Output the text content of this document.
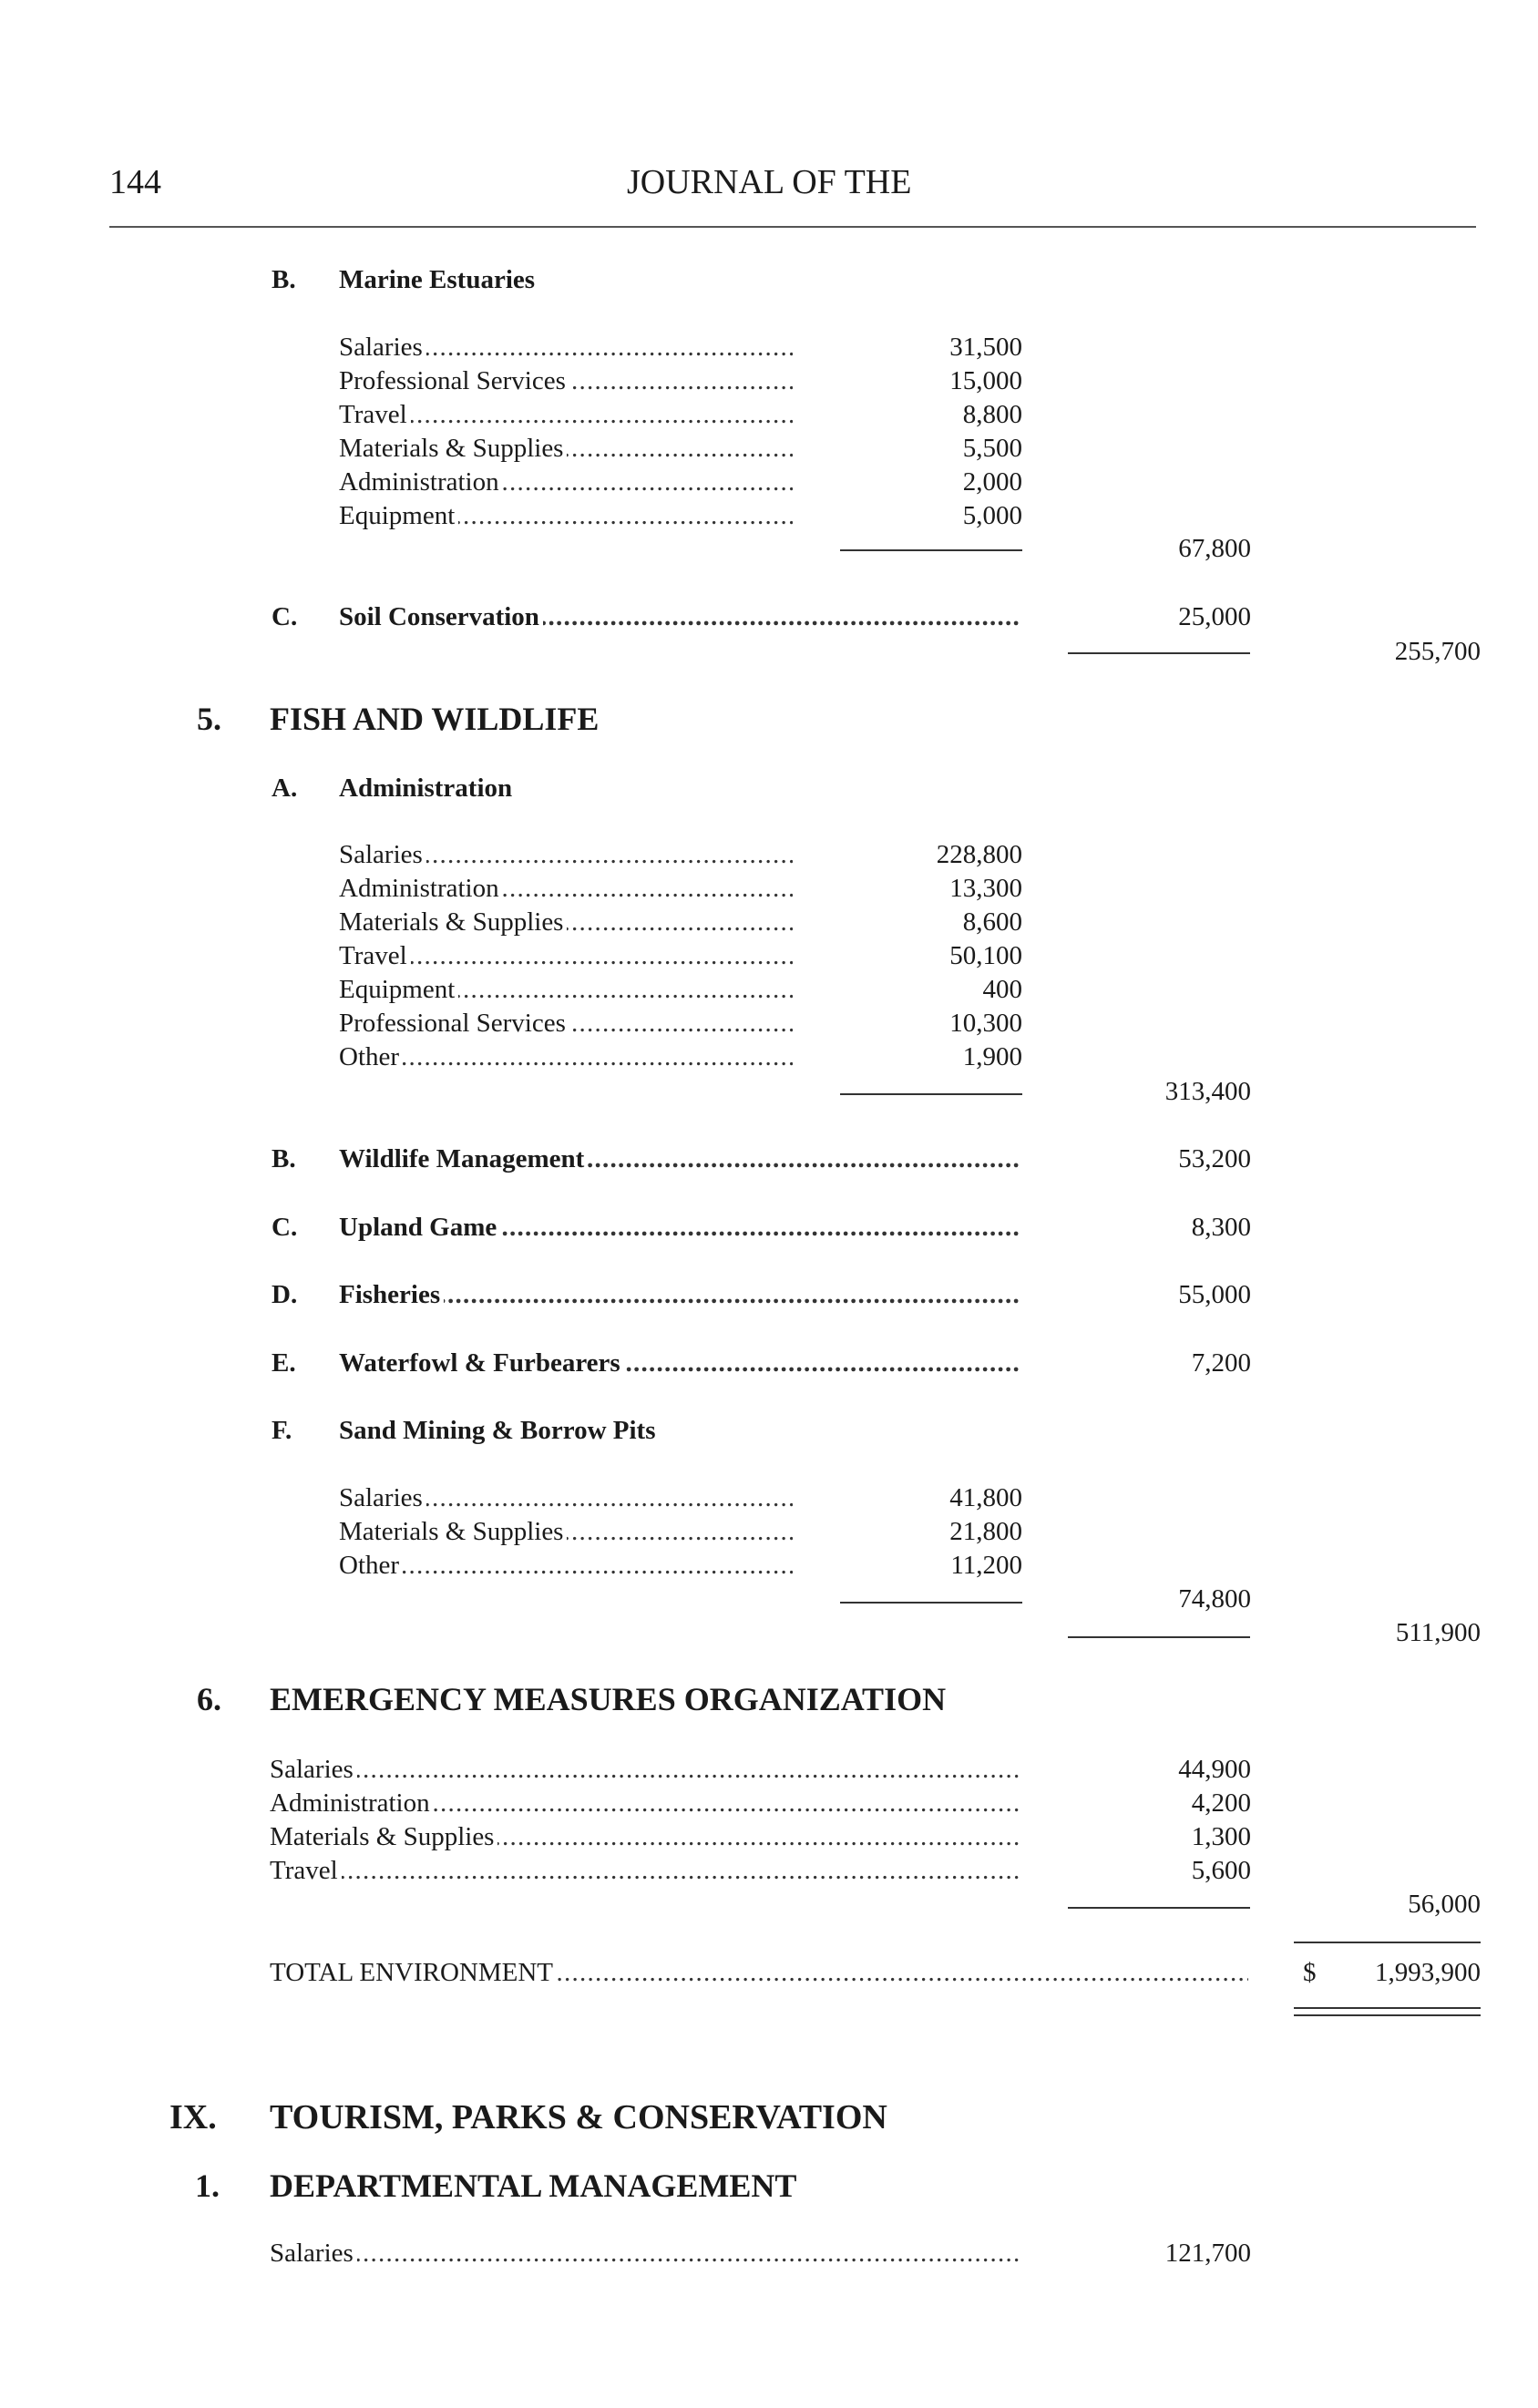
144	JOURNAL OF THE
B. Marine Estuaries
Salaries . . .	31,500
Professional Services . . .	15,000
Travel . . .	8,800
Materials & Supplies . . .	5,500
Administration . . .	2,000
Equipment . . .	5,000
67,800
C. Soil Conservation . . .	25,000
255,700
5. FISH AND WILDLIFE
A. Administration
Salaries . . .	228,800
Administration . . .	13,300
Materials & Supplies . . .	8,600
Travel . . .	50,100
Equipment . . .	400
Professional Services . . .	10,300
Other . . .	1,900
313,400
B. Wildlife Management . . .	53,200
C. Upland Game . . .	8,300
D. Fisheries . . .	55,000
E. Waterfowl & Furbearers . . .	7,200
F. Sand Mining & Borrow Pits
Salaries . . .	41,800
Materials & Supplies . . .	21,800
Other . . .	11,200
74,800
511,900
6. EMERGENCY MEASURES ORGANIZATION
Salaries . . .	44,900
Administration . . .	4,200
Materials & Supplies . . .	1,300
Travel . . .	5,600
56,000
TOTAL ENVIRONMENT . . .	$ 1,993,900
IX. TOURISM, PARKS & CONSERVATION
1. DEPARTMENTAL MANAGEMENT
Salaries . . .	121,700
